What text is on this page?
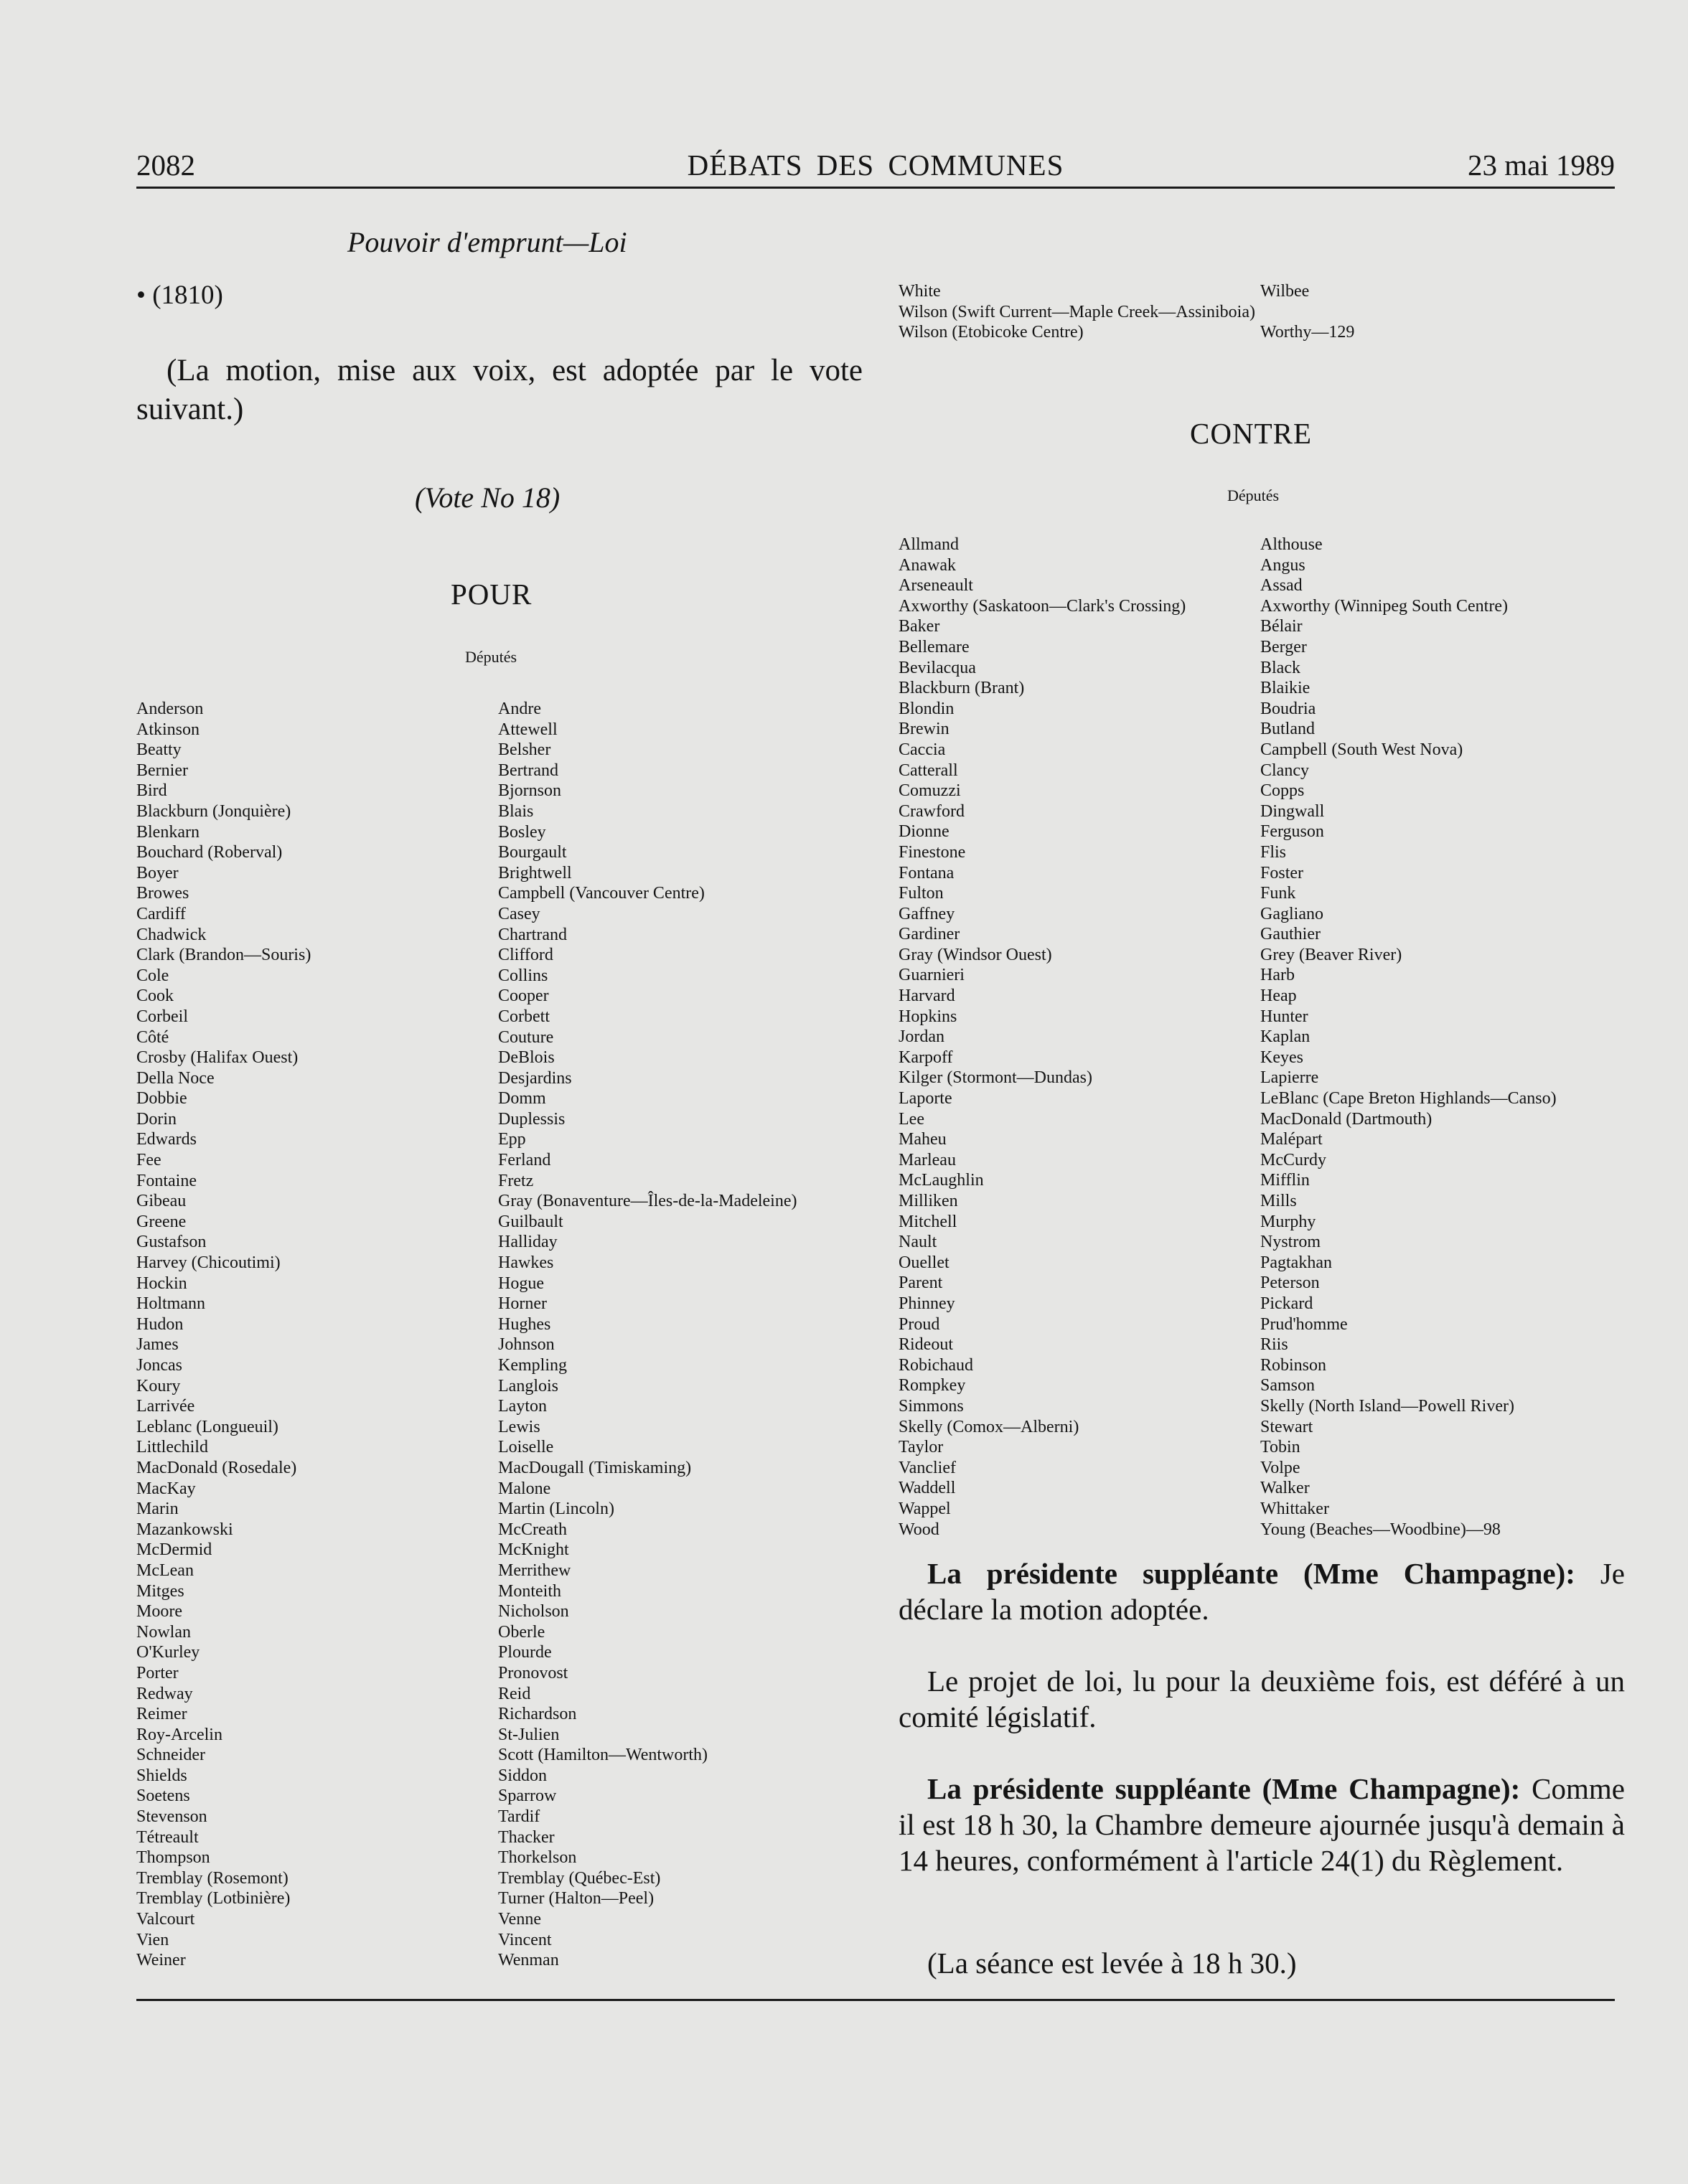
2082	DÉBATS DES COMMUNES	23 mai 1989
Pouvoir d'emprunt—Loi
• (1810)
(La motion, mise aux voix, est adoptée par le vote suivant.)
(Vote No 18)
POUR
Députés
Anderson
Atkinson
Beatty
Bernier
Bird
Blackburn (Jonquière)
Blenkarn
Bouchard (Roberval)
Boyer
Browes
Cardiff
Chadwick
Clark (Brandon—Souris)
Cole
Cook
Corbeil
Côté
Crosby (Halifax Ouest)
Della Noce
Dobbie
Dorin
Edwards
Fee
Fontaine
Gibeau
Greene
Gustafson
Harvey (Chicoutimi)
Hockin
Holtmann
Hudon
James
Joncas
Koury
Larrivée
Leblanc (Longueuil)
Littlechild
MacDonald (Rosedale)
MacKay
Marin
Mazankowski
McDermid
McLean
Mitges
Moore
Nowlan
O'Kurley
Porter
Redway
Reimer
Roy-Arcelin
Schneider
Shields
Soetens
Stevenson
Tétreault
Thompson
Tremblay (Rosemont)
Tremblay (Lotbinière)
Valcourt
Vien
Weiner
Andre
Attewell
Belsher
Bertrand
Bjornson
Blais
Bosley
Bourgault
Brightwell
Campbell (Vancouver Centre)
Casey
Chartrand
Clifford
Collins
Cooper
Corbett
Couture
DeBlois
Desjardins
Domm
Duplessis
Epp
Ferland
Fretz
Gray (Bonaventure—Îles-de-la-Madeleine)
Guilbault
Halliday
Hawkes
Hogue
Horner
Hughes
Johnson
Kempling
Langlois
Layton
Lewis
Loiselle
MacDougall (Timiskaming)
Malone
Martin (Lincoln)
McCreath
McKnight
Merrithew
Monteith
Nicholson
Oberle
Plourde
Pronovost
Reid
Richardson
St-Julien
Scott (Hamilton—Wentworth)
Siddon
Sparrow
Tardif
Thacker
Thorkelson
Tremblay (Québec-Est)
Turner (Halton—Peel)
Venne
Vincent
Wenman
White
Wilson (Swift Current—Maple Creek—Assiniboia)
Wilson (Etobicoke Centre)
Wilbee

Worthy—129
CONTRE
Députés
Allmand
Anawak
Arseneault
Axworthy (Saskatoon—Clark's Crossing)
Baker
Bellemare
Bevilacqua
Blackburn (Brant)
Blondin
Brewin
Caccia
Catterall
Comuzzi
Crawford
Dionne
Finestone
Fontana
Fulton
Gaffney
Gardiner
Gray (Windsor Ouest)
Guarnieri
Harvard
Hopkins
Jordan
Karpoff
Kilger (Stormont—Dundas)
Laporte
Lee
Maheu
Marleau
McLaughlin
Milliken
Mitchell
Nault
Ouellet
Parent
Phinney
Proud
Rideout
Robichaud
Rompkey
Simmons
Skelly (Comox—Alberni)
Taylor
Vanclief
Waddell
Wappel
Wood
Althouse
Angus
Assad
Axworthy (Winnipeg South Centre)
Bélair
Berger
Black
Blaikie
Boudria
Butland
Campbell (South West Nova)
Clancy
Copps
Dingwall
Ferguson
Flis
Foster
Funk
Gagliano
Gauthier
Grey (Beaver River)
Harb
Heap
Hunter
Kaplan
Keyes
Lapierre
LeBlanc (Cape Breton Highlands—Canso)
MacDonald (Dartmouth)
Malépart
McCurdy
Mifflin
Mills
Murphy
Nystrom
Pagtakhan
Peterson
Pickard
Prud'homme
Riis
Robinson
Samson
Skelly (North Island—Powell River)
Stewart
Tobin
Volpe
Walker
Whittaker
Young (Beaches—Woodbine)—98
La présidente suppléante (Mme Champagne): Je déclare la motion adoptée.
Le projet de loi, lu pour la deuxième fois, est déféré à un comité législatif.
La présidente suppléante (Mme Champagne): Comme il est 18 h 30, la Chambre demeure ajournée jusqu'à demain à 14 heures, conformément à l'article 24(1) du Règlement.
(La séance est levée à 18 h 30.)
